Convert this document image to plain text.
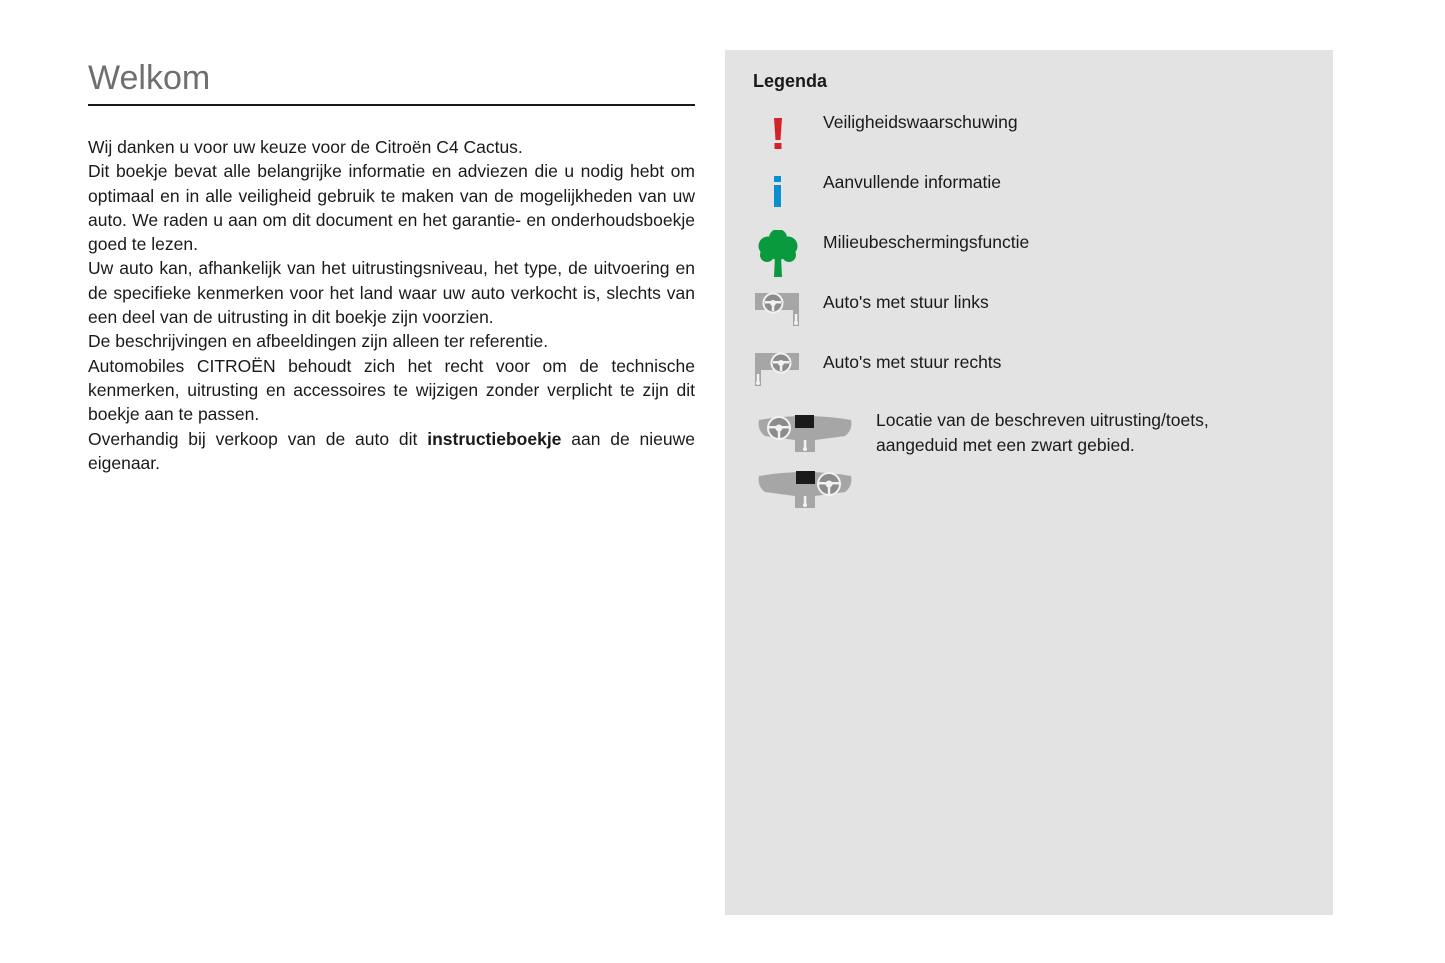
Welkom

Wij danken u voor uw keuze voor de Citroën C4 Cactus.

Dit boekje bevat alle belangrijke informatie en adviezen die u nodig hebt om optimaal en in alle veiligheid gebruik te maken van de mogelijkheden van uw auto. We raden u aan om dit document en het garantie- en onderhoudsboekje goed te lezen.

Uw auto kan, afhankelijk van het uitrustingsniveau, het type, de uitvoering en de specifieke kenmerken voor het land waar uw auto verkocht is, slechts van een deel van de uitrusting in dit boekje zijn voorzien.

De beschrijvingen en afbeeldingen zijn alleen ter referentie.

Automobiles CITROËN behoudt zich het recht voor om de technische kenmerken, uitrusting en accessoires te wijzigen zonder verplicht te zijn dit boekje aan te passen.

Overhandig bij verkoop van de auto dit instructieboekje aan de nieuwe eigenaar.

Legenda
Veiligheidswaarschuwing
Aanvullende informatie
Milieubeschermingsfunctie
Auto's met stuur links
Auto's met stuur rechts
Locatie van de beschreven uitrusting/toets,
aangeduid met een zwart gebied.
